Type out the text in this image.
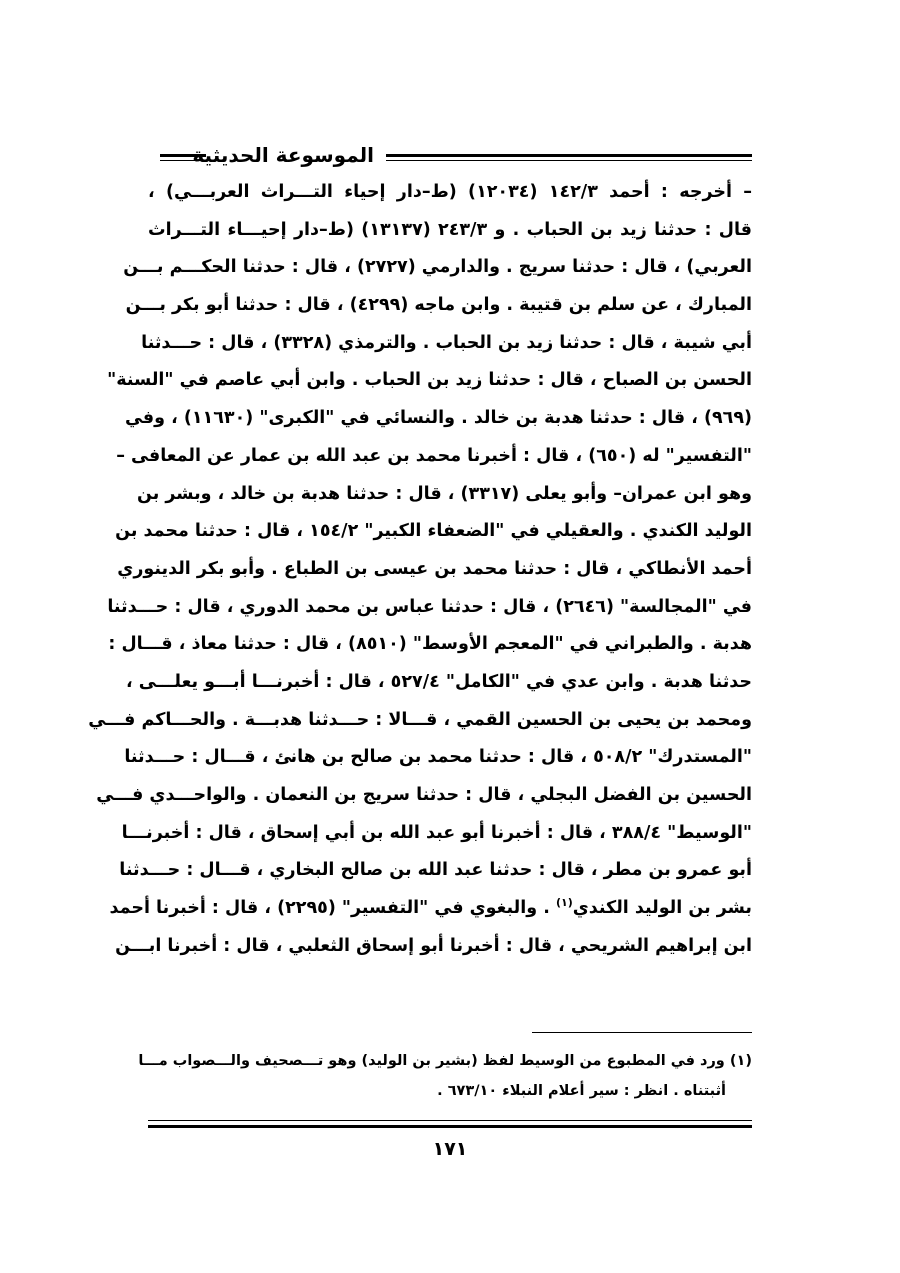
الموسوعة الحديثية
– أخرجه : أحمد ١٤٢/٣ (١٢٠٣٤) (ط–دار إحياء التـــراث العربـــي) ،
قال : حدثنا زيد بن الحباب . و ٢٤٣/٣ (١٣١٣٧) (ط–دار إحيـــاء التـــراث
العربي) ، قال : حدثنا سريج . والدارمي (٢٧٢٧) ، قال : حدثنا الحكـــم بـــن
المبارك ، عن سلم بن قتيبة . وابن ماجه (٤٢٩٩) ، قال : حدثنا أبو بكر بـــن
أبي شيبة ، قال : حدثنا زيد بن الحباب . والترمذي (٣٣٢٨) ، قال : حـــدثنا
الحسن بن الصباح ، قال : حدثنا زيد بن الحباب . وابن أبي عاصم في "السنة"
(٩٦٩) ، قال : حدثنا هدبة بن خالد . والنسائي في "الكبرى" (١١٦٣٠) ، وفي
"التفسير" له (٦٥٠) ، قال : أخبرنا محمد بن عبد الله بن عمار عن المعافى –
وهو ابن عمران– وأبو يعلى (٣٣١٧) ، قال : حدثنا هدبة بن خالد ، وبشر بن
الوليد الكندي . والعقيلي في "الضعفاء الكبير" ١٥٤/٢ ، قال : حدثنا محمد بن
أحمد الأنطاكي ، قال : حدثنا محمد بن عيسى بن الطباع . وأبو بكر الدينوري
في "المجالسة" (٢٦٤٦) ، قال : حدثنا عباس بن محمد الدوري ، قال : حـــدثنا
هدبة . والطبراني في "المعجم الأوسط" (٨٥١٠) ، قال : حدثنا معاذ ، قـــال :
حدثنا هدبة . وابن عدي في "الكامل" ٥٢٧/٤ ، قال : أخبرنـــا أبـــو يعلـــى ،
ومحمد بن يحيى بن الحسين القمي ، قـــالا : حـــدثنا هدبـــة . والحـــاكم فـــي
"المستدرك" ٥٠٨/٢ ، قال : حدثنا محمد بن صالح بن هانئ ، قـــال : حـــدثنا
الحسين بن الفضل البجلي ، قال : حدثنا سريج بن النعمان . والواحـــدي فـــي
"الوسيط" ٣٨٨/٤ ، قال : أخبرنا أبو عبد الله بن أبي إسحاق ، قال : أخبرنـــا
أبو عمرو بن مطر ، قال : حدثنا عبد الله بن صالح البخاري ، قـــال : حـــدثنا
بشر بن الوليد الكندي$^{(١)}$ . والبغوي في "التفسير" (٢٢٩٥) ، قال : أخبرنا أحمد
ابن إبراهيم الشريحي ، قال : أخبرنا أبو إسحاق الثعلبي ، قال : أخبرنا ابـــن
(١) ورد في المطبوع من الوسيط لفظ (بشير بن الوليد) وهو تـــصحيف والـــصواب مـــا
أثبتناه . انظر : سير أعلام النبلاء ٦٧٣/١٠ .
١٧١
